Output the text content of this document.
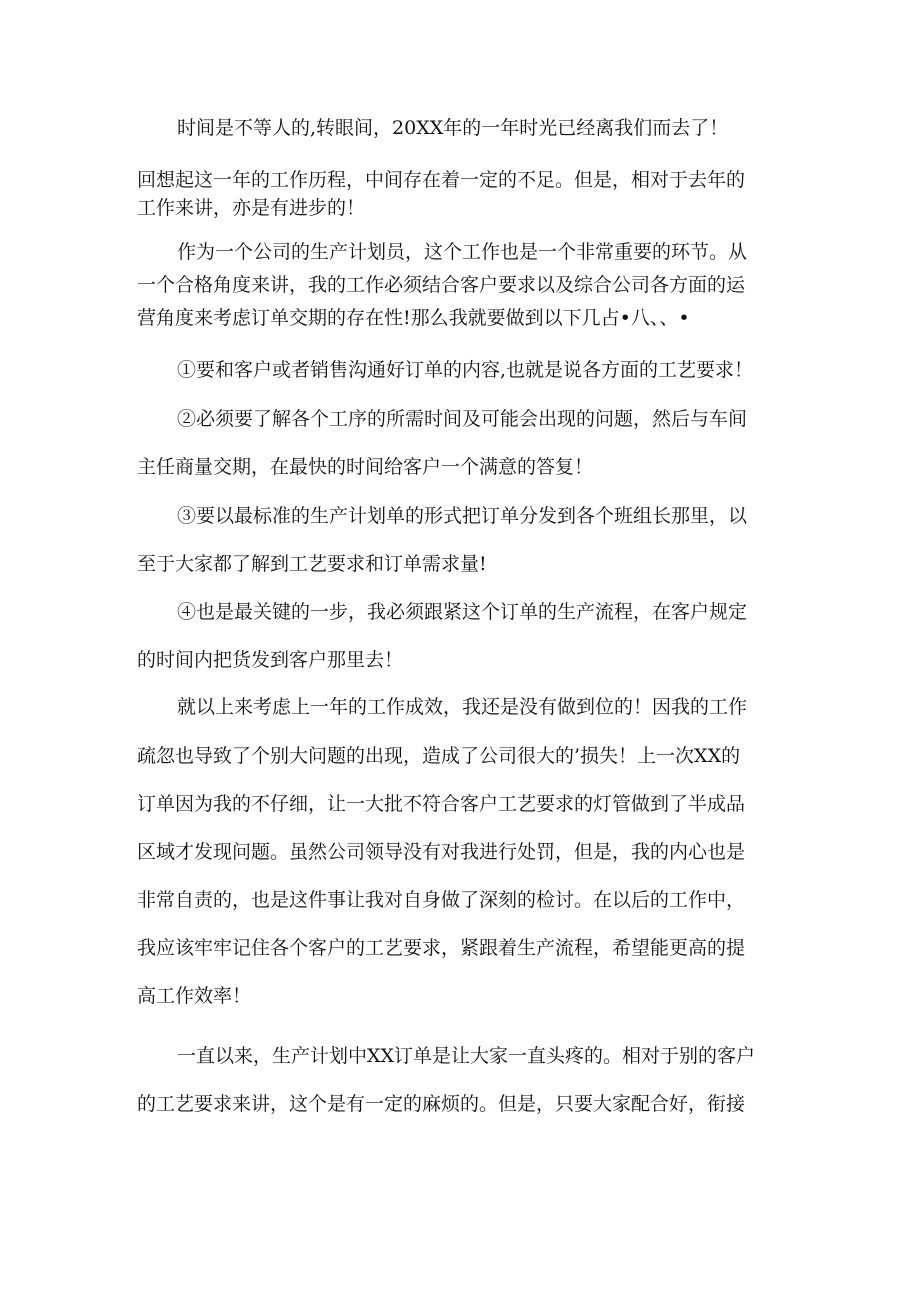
时间是不等人的,转眼间，20XX年的一年时光已经离我们而去了！
回想起这一年的工作历程，中间存在着一定的不足。但是，相对于去年的
工作来讲，亦是有进步的！
作为一个公司的生产计划员，这个工作也是一个非常重要的环节。从
一个合格角度来讲，我的工作必须结合客户要求以及综合公司各方面的运
营角度来考虑订单交期的存在性!那么我就要做到以下几占•八、、•
①要和客户或者销售沟通好订单的内容,也就是说各方面的工艺要求！
②必须要了解各个工序的所需时间及可能会出现的问题，然后与车间
主任商量交期，在最快的时间给客户一个满意的答复！
③要以最标准的生产计划单的形式把订单分发到各个班组长那里，以
至于大家都了解到工艺要求和订单需求量!
④也是最关键的一步，我必须跟紧这个订单的生产流程，在客户规定
的时间内把货发到客户那里去！
就以上来考虑上一年的工作成效，我还是没有做到位的！因我的工作
疏忽也导致了个别大问题的出现，造成了公司很大的’损失！上一次XX的
订单因为我的不仔细，让一大批不符合客户工艺要求的灯管做到了半成品
区域才发现问题。虽然公司领导没有对我进行处罚，但是，我的内心也是
非常自责的，也是这件事让我对自身做了深刻的检讨。在以后的工作中，
我应该牢牢记住各个客户的工艺要求，紧跟着生产流程，希望能更高的提
高工作效率！
一直以来，生产计划中XX订单是让大家一直头疼的。相对于别的客户
的工艺要求来讲，这个是有一定的麻烦的。但是，只要大家配合好，衔接
